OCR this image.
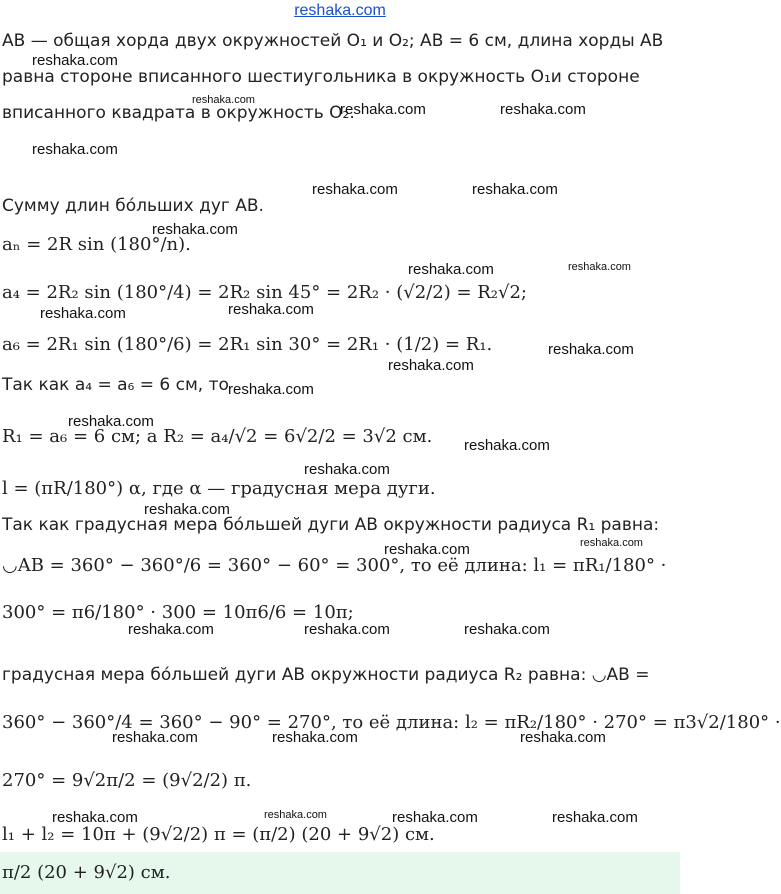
reshaka.com
AB — общая хорда двух окружностей O₁ и O₂; AB = 6 см, длина хорды AB
равна стороне вписанного шестиугольника в окружность O₁и стороне
вписанного квадрата в окружность O₂.
Сумму длин бо́льших дуг AB.
aₙ = 2R sin (180°/n).
a₄ = 2R₂ sin (180°/4) = 2R₂ sin 45° = 2R₂ · (√2/2) = R₂√2;
a₆ = 2R₁ sin (180°/6) = 2R₁ sin 30° = 2R₁ · (1/2) = R₁.
Так как a₄ = a₆ = 6 см, то
R₁ = a₆ = 6 см; а R₂ = a₄/√2 = 6√2/2 = 3√2 см.
l = (πR/180°) α, где α — градусная мера дуги.
Так как градусная мера бо́льшей дуги AB окружности радиуса R₁ равна:
◡AB = 360° − 360°/6 = 360° − 60° = 300°, то её длина: l₁ = πR₁/180° ·
300° = π6/180° · 300 = 10π6/6 = 10π;
градусная мера бо́льшей дуги AB окружности радиуса R₂ равна: ◡AB =
360° − 360°/4 = 360° − 90° = 270°, то её длина: l₂ = πR₂/180° · 270° = π3√2/180° ·
270° = 9√2π/2 = (9√2/2) π.
l₁ + l₂ = 10π + (9√2/2) π = (π/2) (20 + 9√2) см.
π/2 (20 + 9√2) см.
reshaka.com
reshaka.com
reshaka.com	reshaka.com
reshaka.com
reshaka.com	reshaka.com
reshaka.com
reshaka.com	reshaka.com
reshaka.com	reshaka.com
reshaka.com
reshaka.com
reshaka.com
reshaka.com
reshaka.com
reshaka.com
reshaka.com
reshaka.com	reshaka.com
reshaka.com	reshaka.com	reshaka.com
reshaka.com	reshaka.com	reshaka.com
reshaka.com	reshaka.com	reshaka.com	reshaka.com
